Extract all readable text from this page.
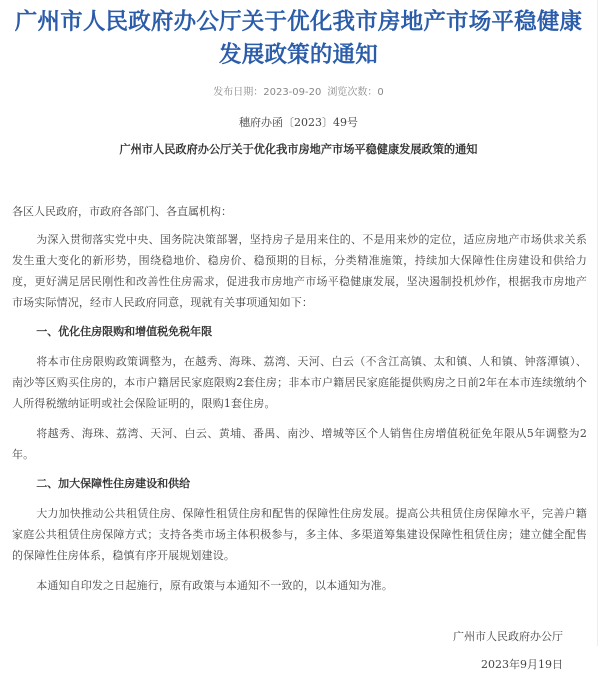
广州市人民政府办公厅关于优化我市房地产市场平稳健康
发展政策的通知
发布日期：2023-09-20 浏览次数：0
穗府办函〔2023〕49号
广州市人民政府办公厅关于优化我市房地产市场平稳健康发展政策的通知
各区人民政府，市政府各部门、各直属机构：

为深入贯彻落实党中央、国务院决策部署，坚持房子是用来住的、不是用来炒的定位，适应房地产市场供求关系发生重大变化的新形势，围绕稳地价、稳房价、稳预期的目标，分类精准施策，持续加大保障性住房建设和供给力度，更好满足居民刚性和改善性住房需求，促进我市房地产市场平稳健康发展，坚决遏制投机炒作，根据我市房地产市场实际情况，经市人民政府同意，现就有关事项通知如下：

一、优化住房限购和增值税免税年限

将本市住房限购政策调整为，在越秀、海珠、荔湾、天河、白云（不含江高镇、太和镇、人和镇、钟落潭镇）、南沙等区购买住房的，本市户籍居民家庭限购2套住房；非本市户籍居民家庭能提供购房之日前2年在本市连续缴纳个人所得税缴纳证明或社会保险证明的，限购1套住房。

将越秀、海珠、荔湾、天河、白云、黄埔、番禺、南沙、增城等区个人销售住房增值税征免年限从5年调整为2年。

二、加大保障性住房建设和供给

大力加快推动公共租赁住房、保障性租赁住房和配售的保障性住房发展。提高公共租赁住房保障水平，完善户籍家庭公共租赁住房保障方式；支持各类市场主体积极参与，多主体、多渠道筹集建设保障性租赁住房；建立健全配售的保障性住房体系，稳慎有序开展规划建设。

本通知自印发之日起施行，原有政策与本通知不一致的，以本通知为准。

广州市人民政府办公厅
2023年9月19日
